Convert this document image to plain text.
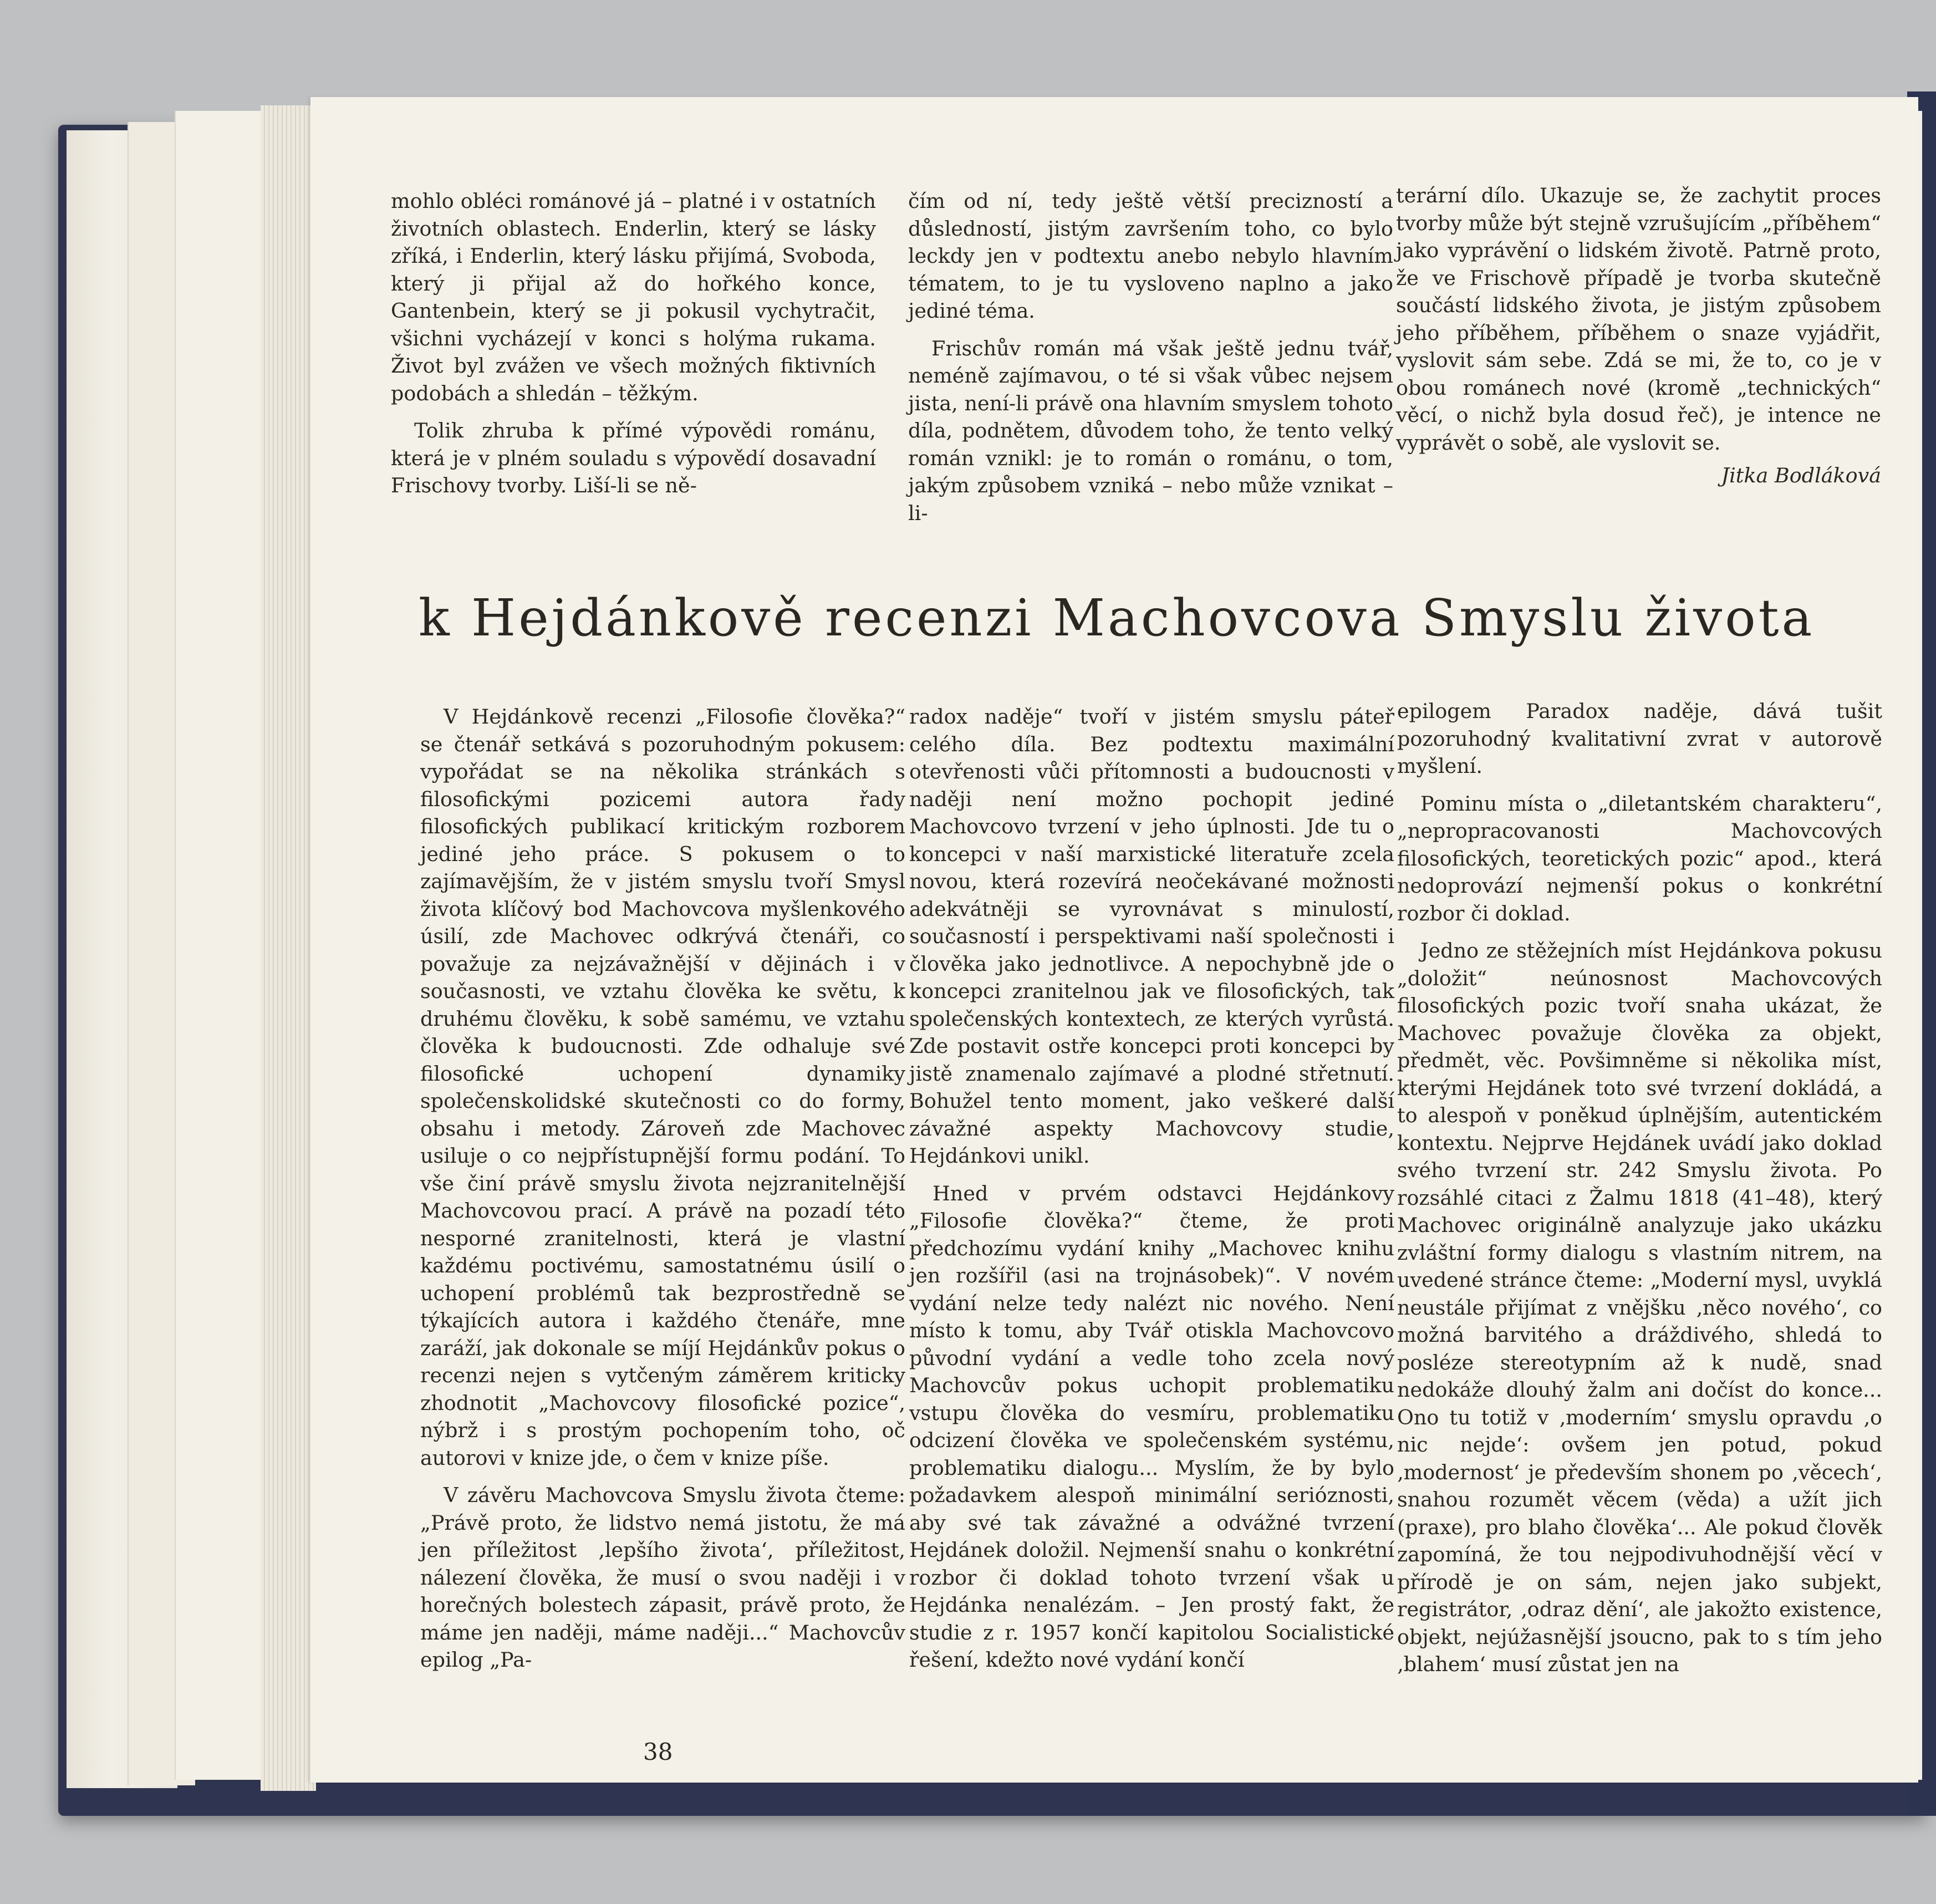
mohlo obléci románové já – platné i v ostatních životních oblastech. Enderlin, který se lásky zříká, i Enderlin, který lásku přijímá, Svoboda, který ji přijal až do hořkého konce, Gantenbein, který se ji pokusil vychytračit, všichni vycházejí v konci s holýma rukama. Život byl zvážen ve všech možných fiktivních podobách a shledán – těžkým.

Tolik zhruba k přímé výpovědi románu, která je v plném souladu s výpovědí dosavadní Frischovy tvorby. Liší-li se ně-

čím od ní, tedy ještě větší precizností a důsledností, jistým završením toho, co bylo leckdy jen v podtextu anebo nebylo hlavním tématem, to je tu vysloveno naplno a jako jediné téma.

Frischův román má však ještě jednu tvář, neméně zajímavou, o té si však vůbec nejsem jista, není-li právě ona hlavním smyslem tohoto díla, podnětem, důvodem toho, že tento velký román vznikl: je to román o románu, o tom, jakým způsobem vzniká – nebo může vznikat – li-

terární dílo. Ukazuje se, že zachytit proces tvorby může být stejně vzrušujícím „příběhem“ jako vyprávění o lidském životě. Patrně proto, že ve Frischově případě je tvorba skutečně součástí lidského života, je jistým způsobem jeho příběhem, příběhem o snaze vyjádřit, vyslovit sám sebe. Zdá se mi, že to, co je v obou románech nové (kromě „technických“ věcí, o nichž byla dosud řeč), je intence ne vyprávět o sobě, ale vyslovit se.

Jitka Bodláková
k Hejdánkově recenzi Machovcova Smyslu života

V Hejdánkově recenzi „Filosofie člověka?“ se čtenář setkává s pozoruhodným pokusem: vypořádat se na několika stránkách s filosofickými pozicemi autora řady filosofických publikací kritickým rozborem jediné jeho práce. S pokusem o to zajímavějším, že v jistém smyslu tvoří Smysl života klíčový bod Machovcova myšlenkového úsilí, zde Machovec odkrývá čtenáři, co považuje za nejzávažnější v dějinách i v současnosti, ve vztahu člověka ke světu, k druhému člověku, k sobě samému, ve vztahu člověka k budoucnosti. Zde odhaluje své filosofické uchopení dynamiky společenskolidské skutečnosti co do formy, obsahu i metody. Zároveň zde Machovec usiluje o co nejpřístupnější formu podání. To vše činí právě smyslu života nejzranitelnější Machovcovou prací. A právě na pozadí této nesporné zranitelnosti, která je vlastní každému poctivému, samostatnému úsilí o uchopení problémů tak bezprostředně se týkajících autora i každého čtenáře, mne zaráží, jak dokonale se míjí Hejdánkův pokus o recenzi nejen s vytčeným záměrem kriticky zhodnotit „Machovcovy filosofické pozice“, nýbrž i s prostým pochopením toho, oč autorovi v knize jde, o čem v knize píše.

V závěru Machovcova Smyslu života čteme: „Právě proto, že lidstvo nemá jistotu, že má jen příležitost ‚lepšího života‘, příležitost, nálezení člověka, že musí o svou naději i v horečných bolestech zápasit, právě proto, že máme jen naději, máme naději...“ Machovcův epilog „Pa-

radox naděje“ tvoří v jistém smyslu páteř celého díla. Bez podtextu maximální otevřenosti vůči přítomnosti a budoucnosti v naději není možno pochopit jediné Machovcovo tvrzení v jeho úplnosti. Jde tu o koncepci v naší marxistické literatuře zcela novou, která rozevírá neočekávané možnosti adekvátněji se vyrovnávat s minulostí, současností i perspektivami naší společnosti i člověka jako jednotlivce. A nepochybně jde o koncepci zranitelnou jak ve filosofických, tak společenských kontextech, ze kterých vyrůstá. Zde postavit ostře koncepci proti koncepci by jistě znamenalo zajímavé a plodné střetnutí. Bohužel tento moment, jako veškeré další závažné aspekty Machovcovy studie, Hejdánkovi unikl.

Hned v prvém odstavci Hejdánkovy „Filosofie člověka?“ čteme, že proti předchozímu vydání knihy „Machovec knihu jen rozšířil (asi na trojnásobek)“. V novém vydání nelze tedy nalézt nic nového. Není místo k tomu, aby Tvář otiskla Machovcovo původní vydání a vedle toho zcela nový Machovcův pokus uchopit problematiku vstupu člověka do vesmíru, problematiku odcizení člověka ve společenském systému, problematiku dialogu... Myslím, že by bylo požadavkem alespoň minimální serióznosti, aby své tak závažné a odvážné tvrzení Hejdánek doložil. Nejmenší snahu o konkrétní rozbor či doklad tohoto tvrzení však u Hejdánka nenalézám. – Jen prostý fakt, že studie z r. 1957 končí kapitolou Socialistické řešení, kdežto nové vydání končí

epilogem Paradox naděje, dává tušit pozoruhodný kvalitativní zvrat v autorově myšlení.

Pominu místa o „diletantském charakteru“, „nepropracovanosti Machovcových filosofických, teoretických pozic“ apod., která nedoprovází nejmenší pokus o konkrétní rozbor či doklad.

Jedno ze stěžejních míst Hejdánkova pokusu „doložit“ neúnosnost Machovcových filosofických pozic tvoří snaha ukázat, že Machovec považuje člověka za objekt, předmět, věc. Povšimněme si několika míst, kterými Hejdánek toto své tvrzení dokládá, a to alespoň v poněkud úplnějším, autentickém kontextu. Nejprve Hejdánek uvádí jako doklad svého tvrzení str. 242 Smyslu života. Po rozsáhlé citaci z Žalmu 1818 (41–48), který Machovec originálně analyzuje jako ukázku zvláštní formy dialogu s vlastním nitrem, na uvedené stránce čteme: „Moderní mysl, uvyklá neustále přijímat z vnějšku ‚něco nového‘, co možná barvitého a dráždivého, shledá to posléze stereotypním až k nudě, snad nedokáže dlouhý žalm ani dočíst do konce... Ono tu totiž v ‚moderním‘ smyslu opravdu ‚o nic nejde‘: ovšem jen potud, pokud ‚modernost‘ je především shonem po ‚věcech‘, snahou rozumět věcem (věda) a užít jich (praxe), pro blaho člověka‘... Ale pokud člověk zapomíná, že tou nejpodivuhodnější věcí v přírodě je on sám, nejen jako subjekt, registrátor, ‚odraz dění‘, ale jakožto existence, objekt, nejúžasnější jsoucno, pak to s tím jeho ‚blahem‘ musí zůstat jen na

38
